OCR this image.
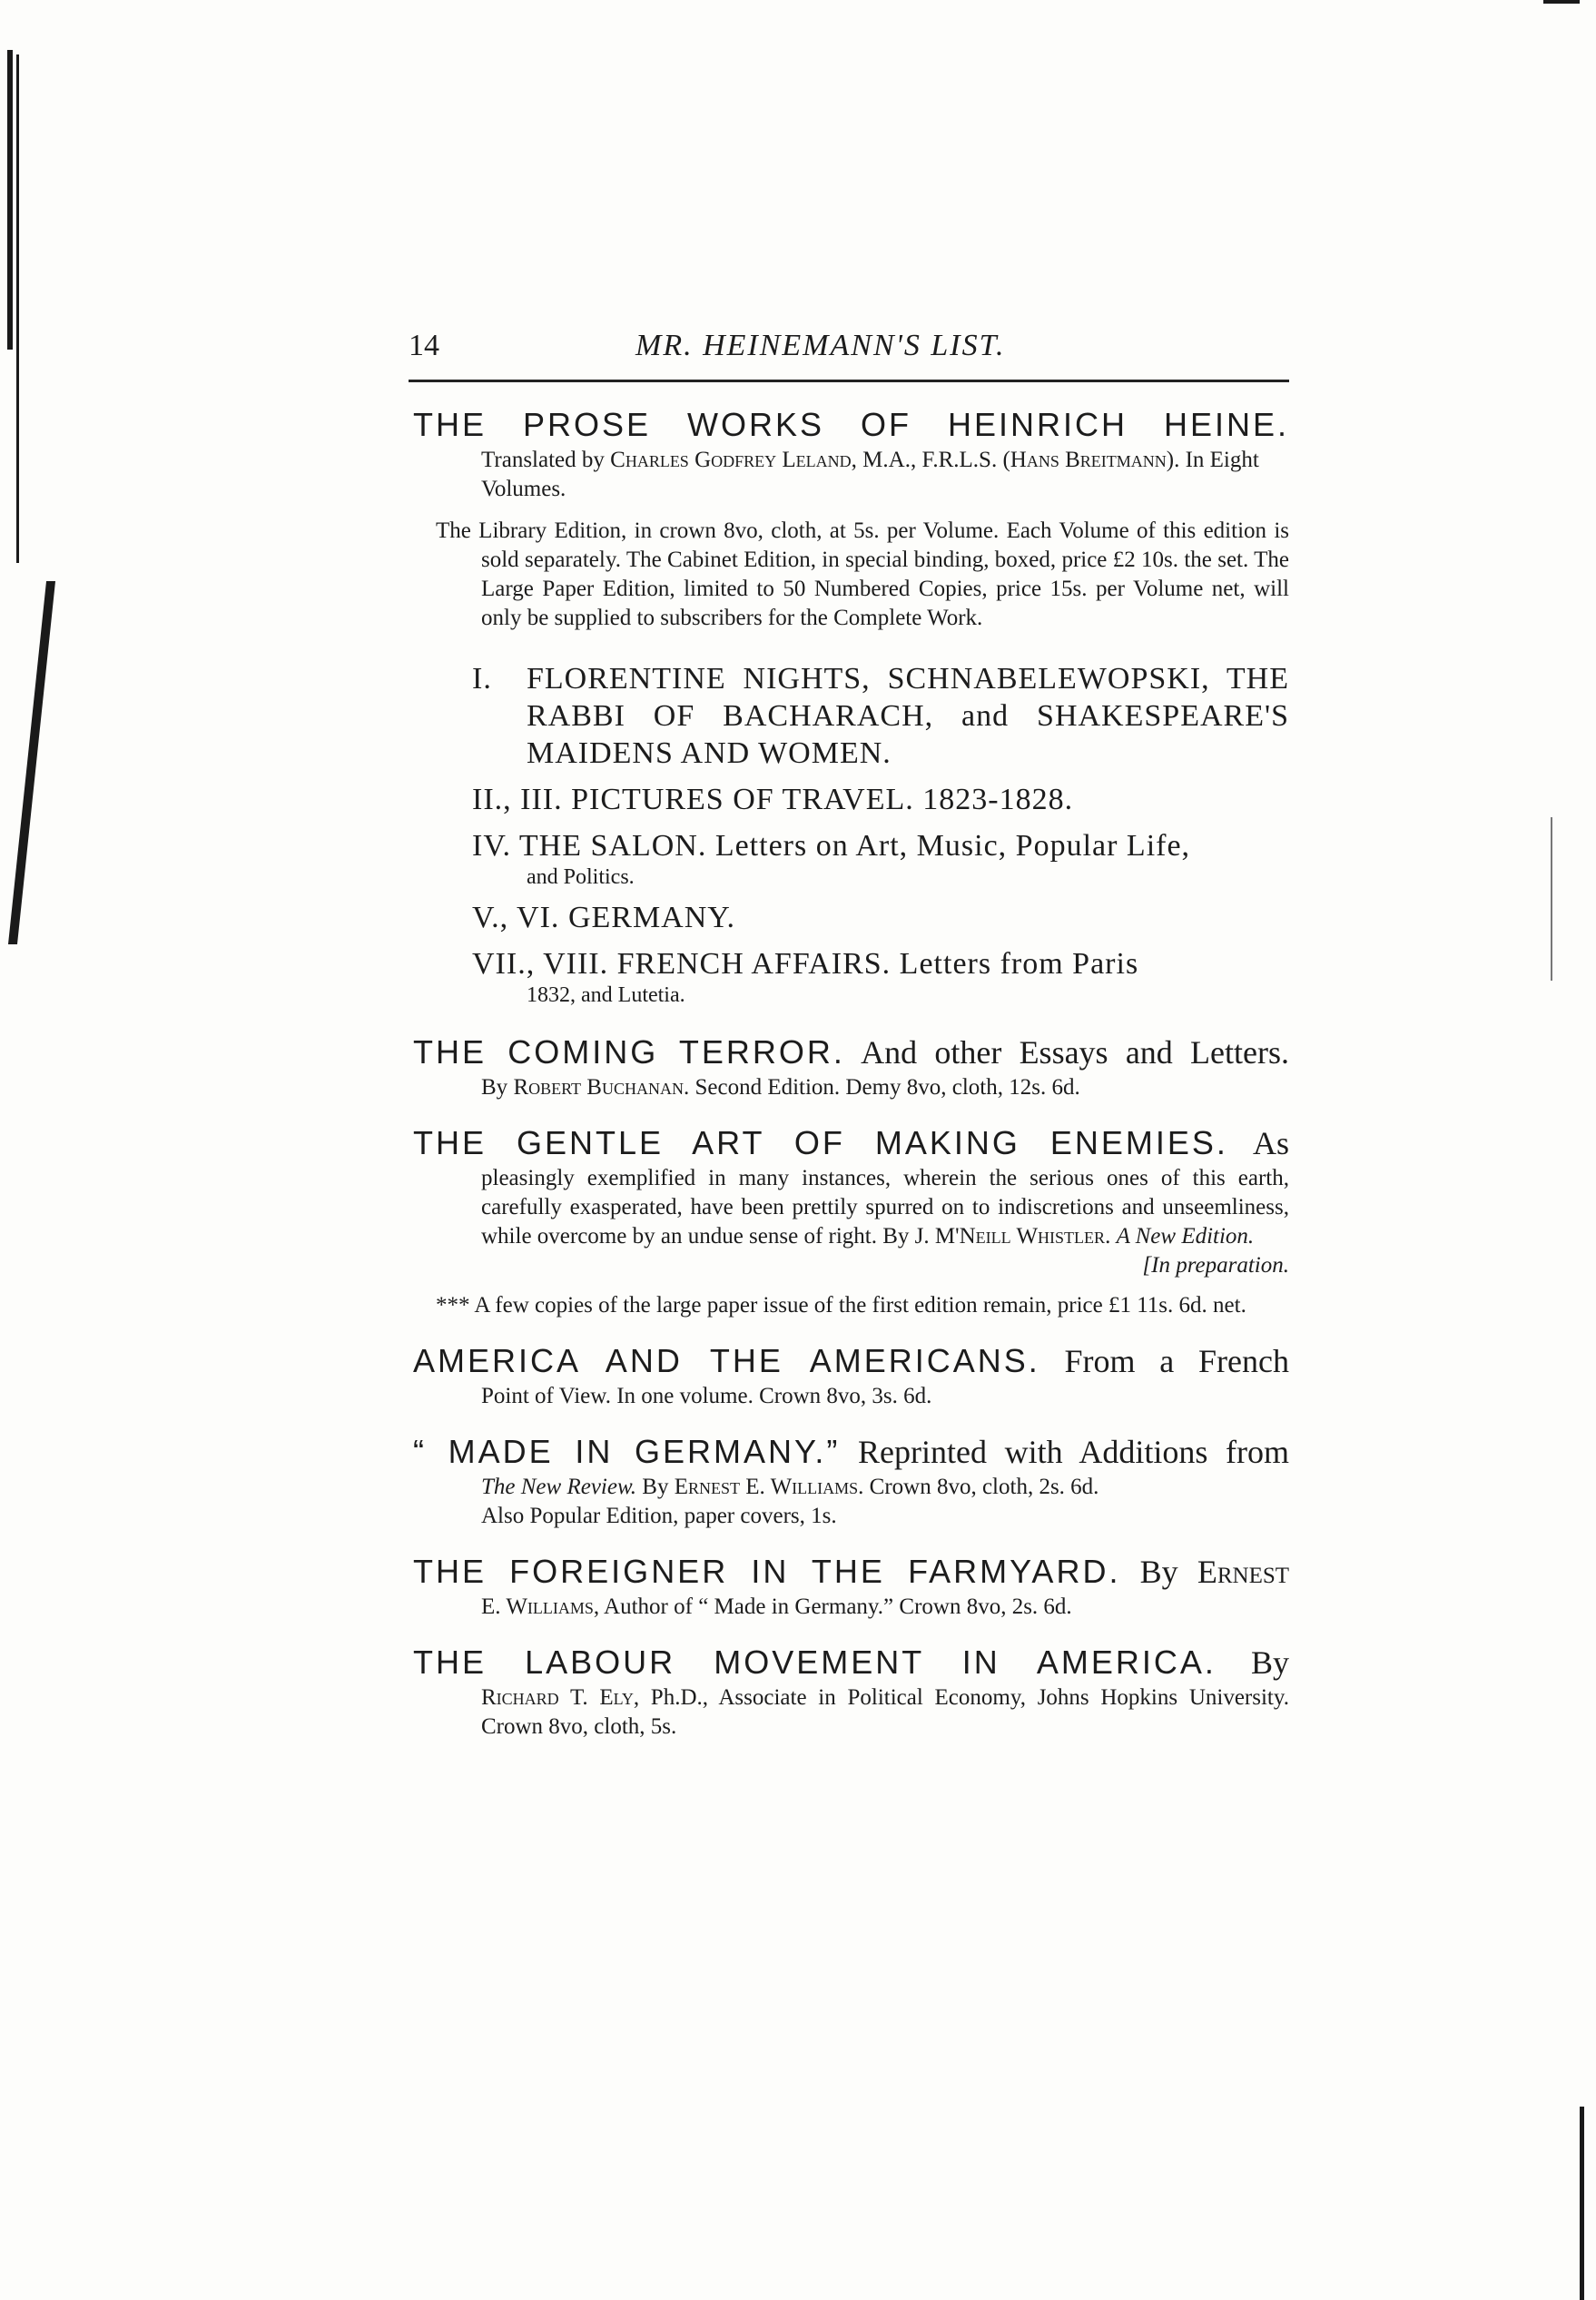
14	MR. HEINEMANN'S LIST.

THE PROSE WORKS OF HEINRICH HEINE.

Translated by Charles Godfrey Leland, M.A., F.R.L.S. (Hans Breitmann). In Eight Volumes.

The Library Edition, in crown 8vo, cloth, at 5s. per Volume. Each Volume of this edition is sold separately. The Cabinet Edition, in special binding, boxed, price £2 10s. the set. The Large Paper Edition, limited to 50 Numbered Copies, price 15s. per Volume net, will only be supplied to subscribers for the Complete Work.

I.	FLORENTINE NIGHTS, SCHNABELEWOPSKI, THE RABBI OF BACHARACH, and SHAKESPEARE'S MAIDENS AND WOMEN.
II., III. PICTURES OF TRAVEL. 1823-1828.
IV. THE SALON. Letters on Art, Music, Popular Life,
and Politics.
V., VI. GERMANY.
VII., VIII. FRENCH AFFAIRS. Letters from Paris
1832, and Lutetia.

THE COMING TERROR. And other Essays and Letters.

By Robert Buchanan. Second Edition. Demy 8vo, cloth, 12s. 6d.

THE GENTLE ART OF MAKING ENEMIES. As

pleasingly exemplified in many instances, wherein the serious ones of this earth, carefully exasperated, have been prettily spurred on to indiscretions and unseemliness, while overcome by an undue sense of right. By J. M'Neill Whistler. A New Edition.

[In preparation.

*** A few copies of the large paper issue of the first edition remain, price £1 11s. 6d. net.

AMERICA AND THE AMERICANS. From a French

Point of View. In one volume. Crown 8vo, 3s. 6d.

“ MADE IN GERMANY.” Reprinted with Additions from

The New Review. By Ernest E. Williams. Crown 8vo, cloth, 2s. 6d.

Also Popular Edition, paper covers, 1s.

THE FOREIGNER IN THE FARMYARD. By Ernest

E. Williams, Author of “ Made in Germany.” Crown 8vo, 2s. 6d.

THE LABOUR MOVEMENT IN AMERICA. By

Richard T. Ely, Ph.D., Associate in Political Economy, Johns Hopkins University. Crown 8vo, cloth, 5s.
